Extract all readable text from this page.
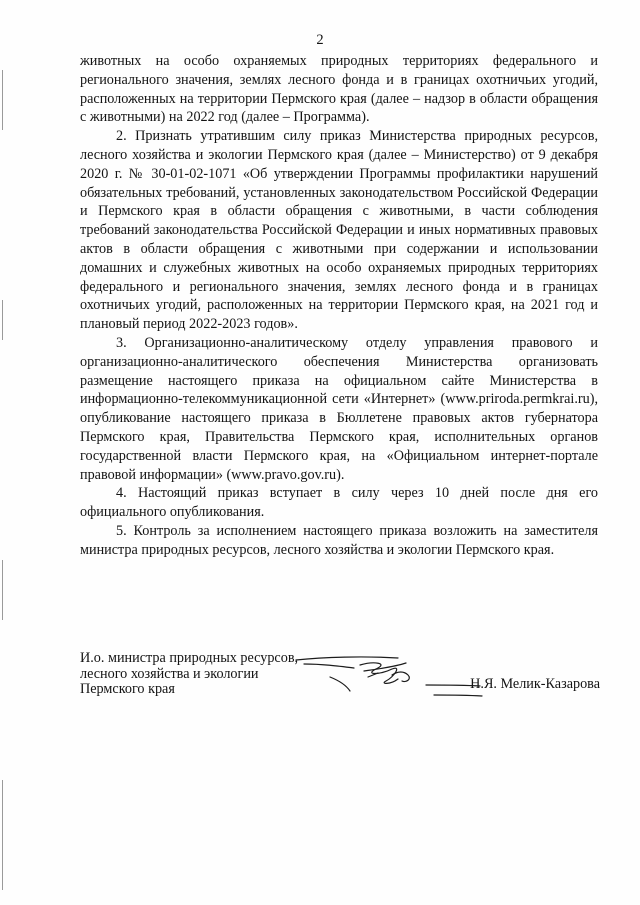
2

животных на особо охраняемых природных территориях федерального и регионального значения, землях лесного фонда и в границах охотничьих угодий, расположенных на территории Пермского края (далее – надзор в области обращения с животными) на 2022 год (далее – Программа).

2. Признать утратившим силу приказ Министерства природных ресурсов, лесного хозяйства и экологии Пермского края (далее – Министерство) от 9 декабря 2020 г. № 30-01-02-1071 «Об утверждении Программы профилактики нарушений обязательных требований, установленных законодательством Российской Федерации и Пермского края в области обращения с животными, в части соблюдения требований законодательства Российской Федерации и иных нормативных правовых актов в области обращения с животными при содержании и использовании домашних и служебных животных на особо охраняемых природных территориях федерального и регионального значения, землях лесного фонда и в границах охотничьих угодий, расположенных на территории Пермского края, на 2021 год и плановый период 2022-2023 годов».

3. Организационно-аналитическому отделу управления правового и организационно-аналитического обеспечения Министерства организовать размещение настоящего приказа на официальном сайте Министерства в информационно-телекоммуникационной сети «Интернет» (www.priroda.permkrai.ru), опубликование настоящего приказа в Бюллетене правовых актов губернатора Пермского края, Правительства Пермского края, исполнительных органов государственной власти Пермского края, на «Официальном интернет-портале правовой информации» (www.pravo.gov.ru).

4. Настоящий приказ вступает в силу через 10 дней после дня его официального опубликования.

5. Контроль за исполнением настоящего приказа возложить на заместителя министра природных ресурсов, лесного хозяйства и экологии Пермского края.

И.о. министра природных ресурсов,
лесного хозяйства и экологии
Пермского края	Н.Я. Мелик-Казарова
